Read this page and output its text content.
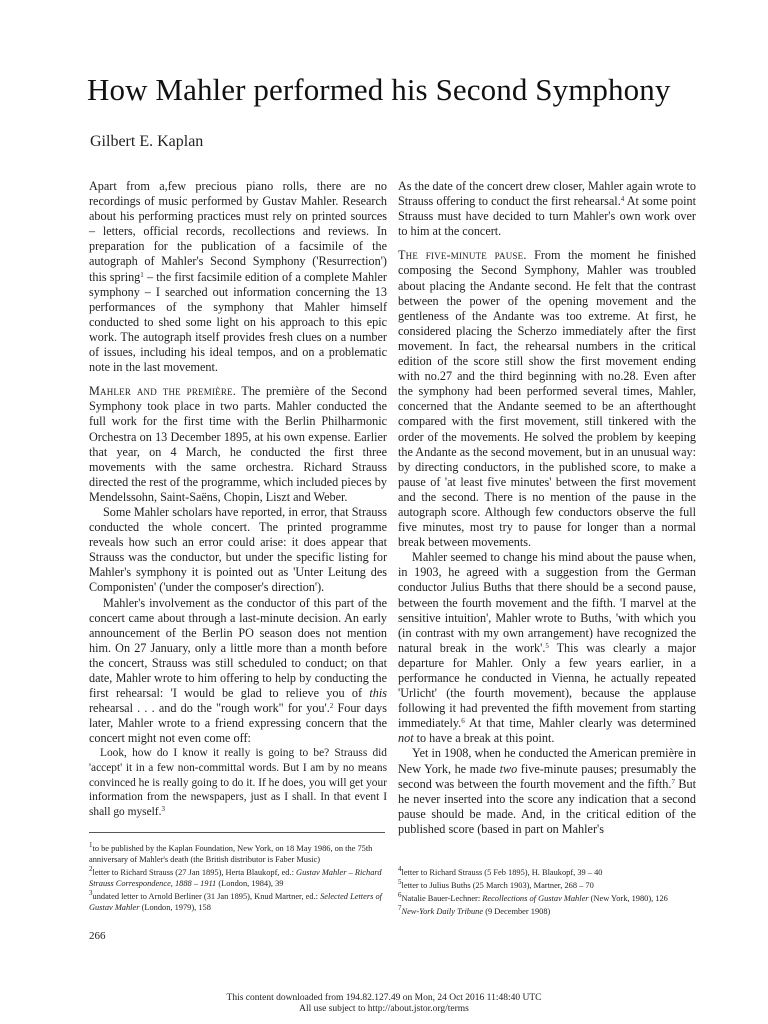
How Mahler performed his Second Symphony
Gilbert E. Kaplan

Apart from a,few precious piano rolls, there are no recordings of music performed by Gustav Mahler. Research about his performing practices must rely on printed sources – letters, official records, recollections and reviews. In preparation for the publication of a facsimile of the autograph of Mahler's Second Symphony ('Resurrection') this spring$^1$ – the first facsimile edition of a complete Mahler symphony – I searched out information concerning the 13 performances of the symphony that Mahler himself conducted to shed some light on his approach to this epic work. The autograph itself provides fresh clues on a number of issues, including his ideal tempos, and on a problematic note in the last movement.

Mahler and the première. The première of the Second Symphony took place in two parts. Mahler conducted the full work for the first time with the Berlin Philharmonic Orchestra on 13 December 1895, at his own expense. Earlier that year, on 4 March, he conducted the first three movements with the same orchestra. Richard Strauss directed the rest of the programme, which included pieces by Mendelssohn, Saint-Saëns, Chopin, Liszt and Weber.

Some Mahler scholars have reported, in error, that Strauss conducted the whole concert. The printed programme reveals how such an error could arise: it does appear that Strauss was the conductor, but under the specific listing for Mahler's symphony it is pointed out as 'Unter Leitung des Componisten' ('under the composer's direction').

Mahler's involvement as the conductor of this part of the concert came about through a last-minute decision. An early announcement of the Berlin PO season does not mention him. On 27 January, only a little more than a month before the concert, Strauss was still scheduled to conduct; on that date, Mahler wrote to him offering to help by conducting the first rehearsal: 'I would be glad to relieve you of this rehearsal . . . and do the "rough work" for you'.$^2$ Four days later, Mahler wrote to a friend expressing concern that the concert might not even come off:

Look, how do I know it really is going to be? Strauss did 'accept' it in a few non-committal words. But I am by no means convinced he is really going to do it. If he does, you will get your information from the newspapers, just as I shall. In that event I shall go myself.$^3$

As the date of the concert drew closer, Mahler again wrote to Strauss offering to conduct the first rehearsal.$^4$ At some point Strauss must have decided to turn Mahler's own work over to him at the concert.

The five-minute pause. From the moment he finished composing the Second Symphony, Mahler was troubled about placing the Andante second. He felt that the contrast between the power of the opening movement and the gentleness of the Andante was too extreme. At first, he considered placing the Scherzo immediately after the first movement. In fact, the rehearsal numbers in the critical edition of the score still show the first movement ending with no.27 and the third beginning with no.28. Even after the symphony had been performed several times, Mahler, concerned that the Andante seemed to be an afterthought compared with the first movement, still tinkered with the order of the movements. He solved the problem by keeping the Andante as the second movement, but in an unusual way: by directing conductors, in the published score, to make a pause of 'at least five minutes' between the first movement and the second. There is no mention of the pause in the autograph score. Although few conductors observe the full five minutes, most try to pause for longer than a normal break between movements.

Mahler seemed to change his mind about the pause when, in 1903, he agreed with a suggestion from the German conductor Julius Buths that there should be a second pause, between the fourth movement and the fifth. 'I marvel at the sensitive intuition', Mahler wrote to Buths, 'with which you (in contrast with my own arrangement) have recognized the natural break in the work'.$^5$ This was clearly a major departure for Mahler. Only a few years earlier, in a performance he conducted in Vienna, he actually repeated 'Urlicht' (the fourth movement), because the applause following it had prevented the fifth movement from starting immediately.$^6$ At that time, Mahler clearly was determined not to have a break at this point.

Yet in 1908, when he conducted the American première in New York, he made two five-minute pauses; presumably the second was between the fourth movement and the fifth.$^7$ But he never inserted into the score any indication that a second pause should be made. And, in the critical edition of the published score (based in part on Mahler's

$^1$to be published by the Kaplan Foundation, New York, on 18 May 1986, on the 75th anniversary of Mahler's death (the British distributor is Faber Music)
$^2$letter to Richard Strauss (27 Jan 1895), Herta Blaukopf, ed.: Gustav Mahler – Richard Strauss Correspondence, 1888 – 1911 (London, 1984), 39
$^3$undated letter to Arnold Berliner (31 Jan 1895), Knud Martner, ed.: Selected Letters of Gustav Mahler (London, 1979), 158
$^4$letter to Richard Strauss (5 Feb 1895), H. Blaukopf, 39 – 40
$^5$letter to Julius Buths (25 March 1903), Martner, 268 – 70
$^6$Natalie Bauer-Lechner: Recollections of Gustav Mahler (New York, 1980), 126
$^7$New-York Daily Tribune (9 December 1908)
266
This content downloaded from 194.82.127.49 on Mon, 24 Oct 2016 11:48:40 UTC
All use subject to http://about.jstor.org/terms
